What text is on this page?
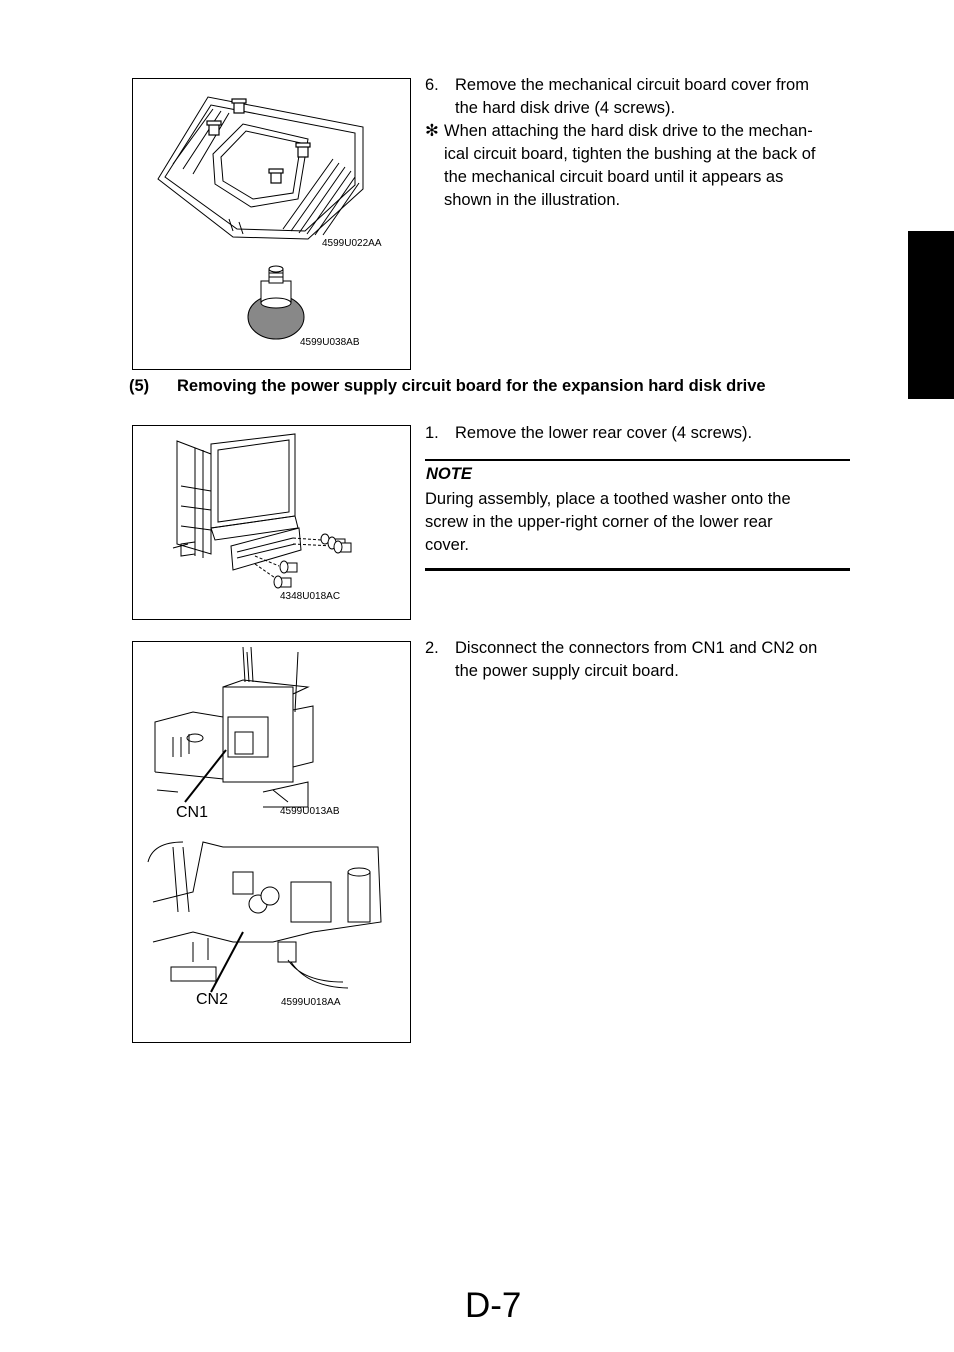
4599U022AA
4599U038AB
6. Remove the mechanical circuit board cover from
the hard disk drive (4 screws).
✻ When attaching the hard disk drive to the mechan-
ical circuit board, tighten the bushing at the back of
the mechanical circuit board until it appears as
shown in the illustration.
(5) Removing the power supply circuit board for the expansion hard disk drive
4348U018AC
1. Remove the lower rear cover (4 screws).
NOTE
During assembly, place a toothed washer onto the
screw in the upper-right corner of the lower rear
cover.
4599U013AB
CN1
4599U018AA
CN2
2. Disconnect the connectors from CN1 and CN2 on
the power supply circuit board.
D-7
